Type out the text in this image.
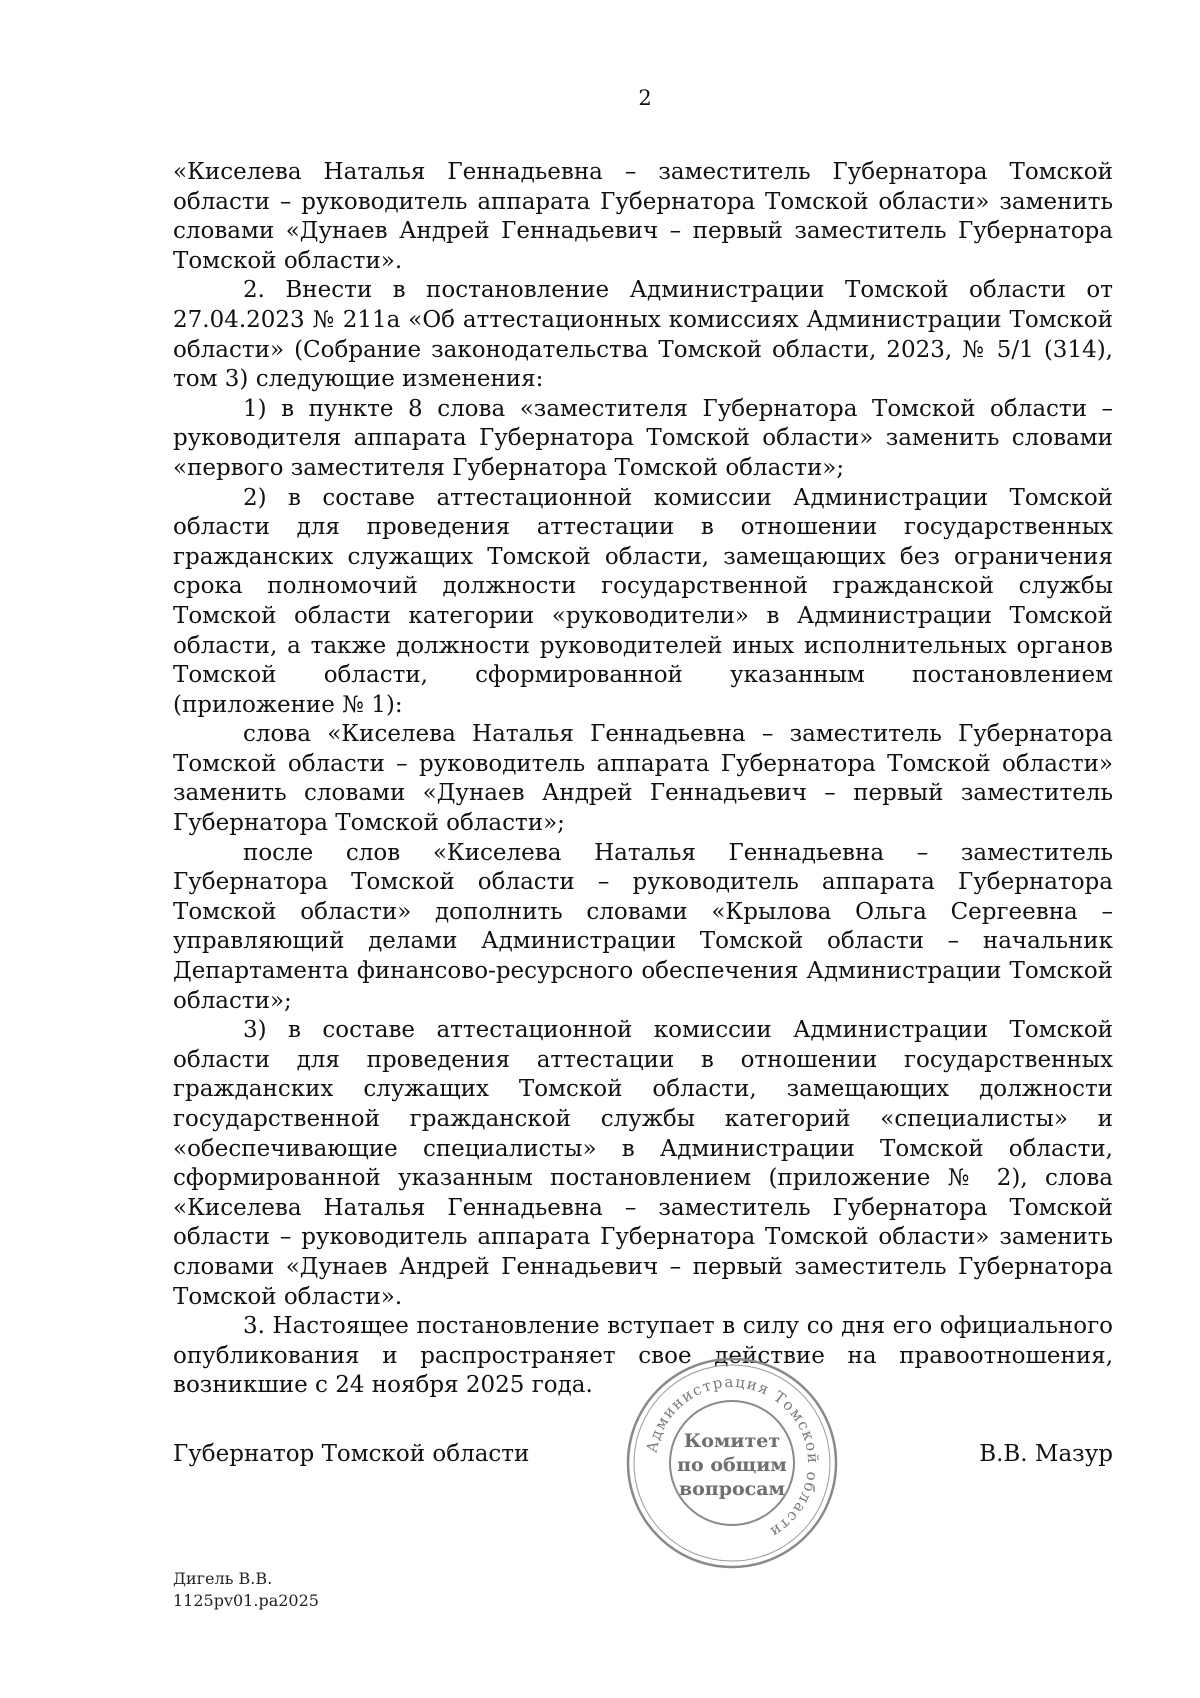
2

«Киселева Наталья Геннадьевна – заместитель Губернатора Томской области – руководитель аппарата Губернатора Томской области» заменить словами «Дунаев Андрей Геннадьевич – первый заместитель Губернатора Томской области».

2. Внести в постановление Администрации Томской области от 27.04.2023 № 211а «Об аттестационных комиссиях Администрации Томской области» (Собрание законодательства Томской области, 2023, № 5/1 (314), том 3) следующие изменения:

1) в пункте 8 слова «заместителя Губернатора Томской области – руководителя аппарата Губернатора Томской области» заменить словами «первого заместителя Губернатора Томской области»;

2) в составе аттестационной комиссии Администрации Томской области для проведения аттестации в отношении государственных гражданских служащих Томской области, замещающих без ограничения срока полномочий должности государственной гражданской службы Томской области категории «руководители» в Администрации Томской области, а также должности руководителей иных исполнительных органов Томской области, сформированной указанным постановлением (приложение № 1):

слова «Киселева Наталья Геннадьевна – заместитель Губернатора Томской области – руководитель аппарата Губернатора Томской области» заменить словами «Дунаев Андрей Геннадьевич – первый заместитель Губернатора Томской области»;

после слов «Киселева Наталья Геннадьевна – заместитель Губернатора Томской области – руководитель аппарата Губернатора Томской области» дополнить словами «Крылова Ольга Сергеевна – управляющий делами Администрации Томской области – начальник Департамента финансово-ресурсного обеспечения Администрации Томской области»;

3) в составе аттестационной комиссии Администрации Томской области для проведения аттестации в отношении государственных гражданских служащих Томской области, замещающих должности государственной гражданской службы категорий «специалисты» и «обеспечивающие специалисты» в Администрации Томской области, сформированной указанным постановлением (приложение № 2), слова «Киселева Наталья Геннадьевна – заместитель Губернатора Томской области – руководитель аппарата Губернатора Томской области» заменить словами «Дунаев Андрей Геннадьевич – первый заместитель Губернатора Томской области».

3. Настоящее постановление вступает в силу со дня его официального опубликования и распространяет свое действие на правоотношения, возникшие с 24 ноября 2025 года.

Губернатор Томской области	В.В. Мазур
Администрация Томской области
Комитет
по общим
вопросам
Дигель В.В.
1125pv01.pa2025
